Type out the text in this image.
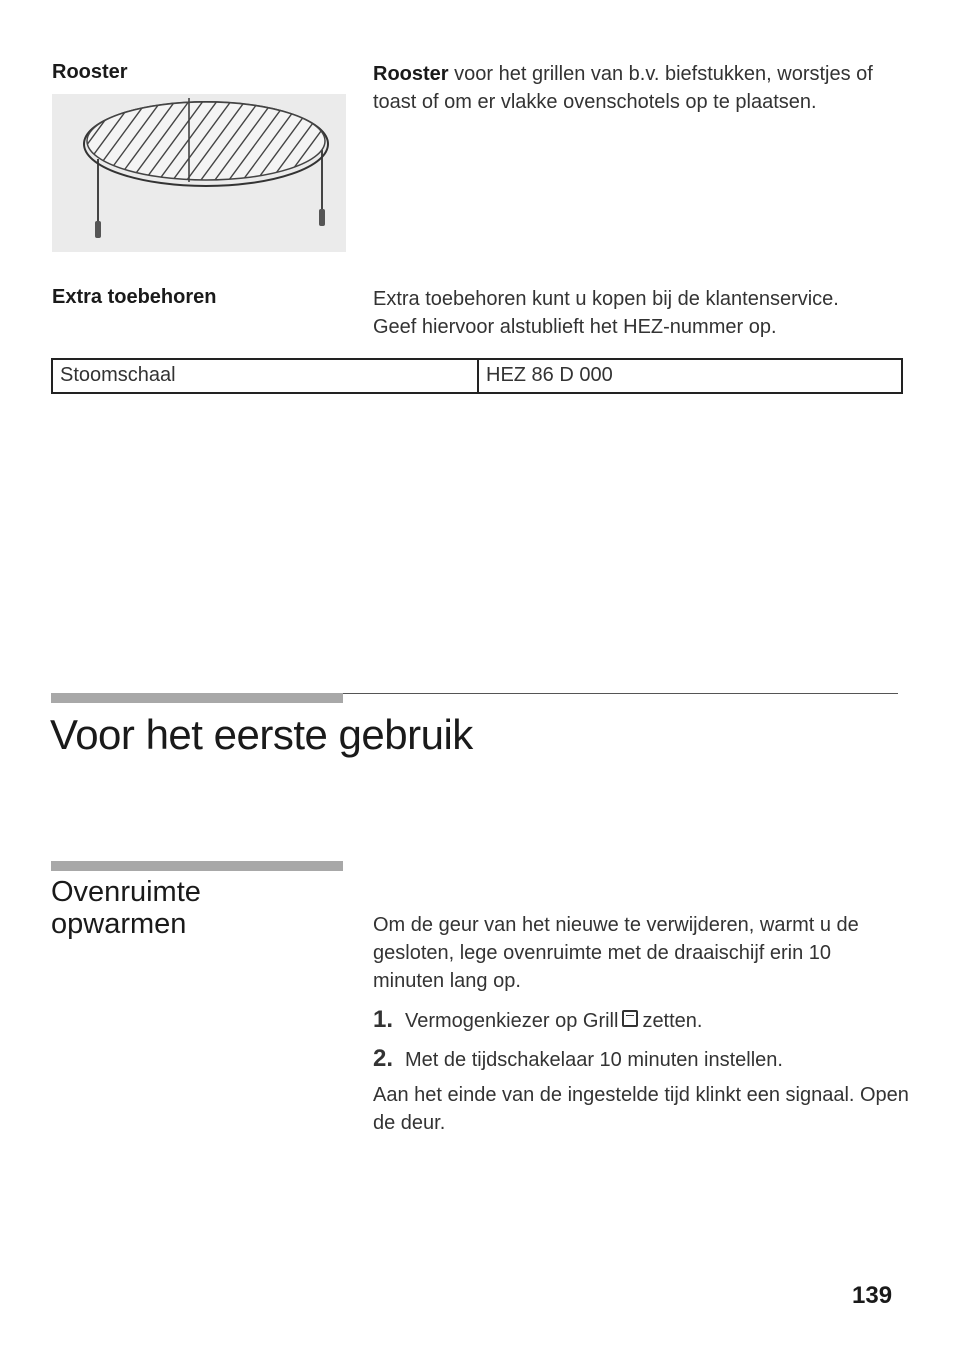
Rooster	Rooster voor het grillen van b.v. biefstukken, worstjes of toast of om er vlakke ovenschotels op te plaatsen.
Extra toebehoren	Extra toebehoren kunt u kopen bij de klantenservice.
Geef hiervoor alstublieft het HEZ-nummer op.
Stoomschaal	HEZ 86 D 000
Voor het eerste gebruik
Ovenruimte
opwarmen	Om de geur van het nieuwe te verwijderen, warmt u de gesloten, lege ovenruimte met de draaischijf erin 10 minuten lang op.
1. Vermogenkiezer op Grill zetten.
2. Met de tijdschakelaar 10 minuten instellen.
Aan het einde van de ingestelde tijd klinkt een signaal. Open de deur.
139
